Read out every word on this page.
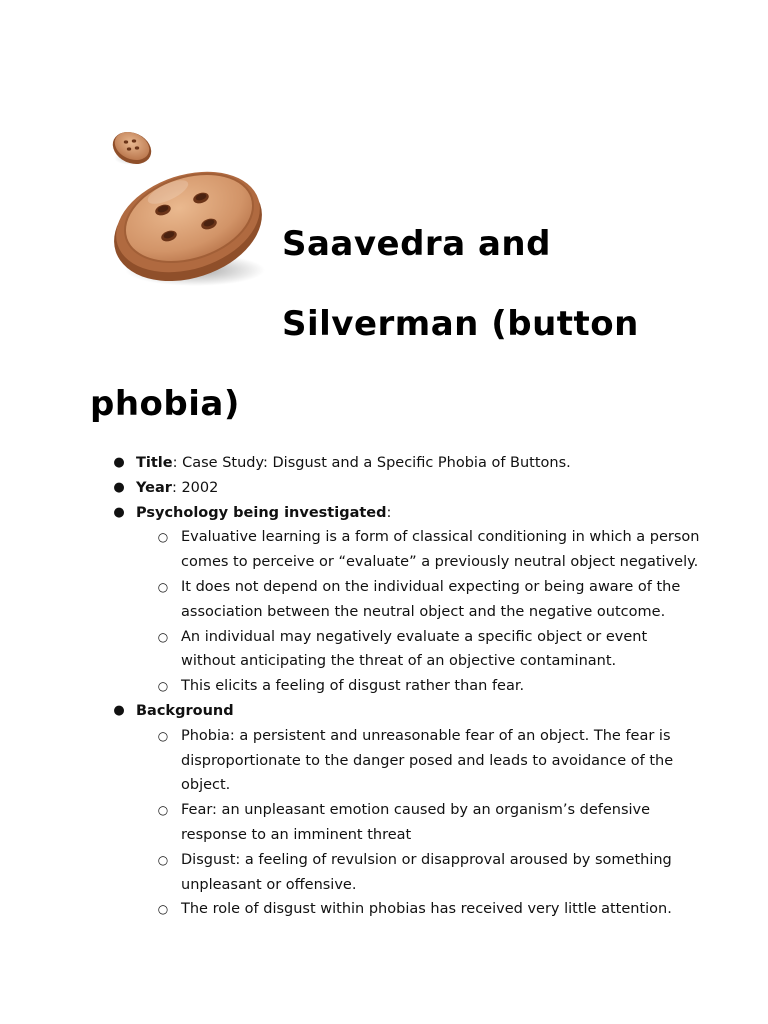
Saavedra and
Silverman (button
phobia)
● Title: Case Study: Disgust and a Specific Phobia of Buttons.
● Year: 2002
● Psychology being investigated:
○ Evaluative learning is a form of classical conditioning in which a person comes to perceive or “evaluate” a previously neutral object negatively.
○ It does not depend on the individual expecting or being aware of the association between the neutral object and the negative outcome.
○ An individual may negatively evaluate a specific object or event without anticipating the threat of an objective contaminant.
○ This elicits a feeling of disgust rather than fear.
● Background
○ Phobia: a persistent and unreasonable fear of an object. The fear is disproportionate to the danger posed and leads to avoidance of the object.
○ Fear: an unpleasant emotion caused by an organism’s defensive response to an imminent threat
○ Disgust: a feeling of revulsion or disapproval aroused by something unpleasant or offensive.
○ The role of disgust within phobias has received very little attention.
